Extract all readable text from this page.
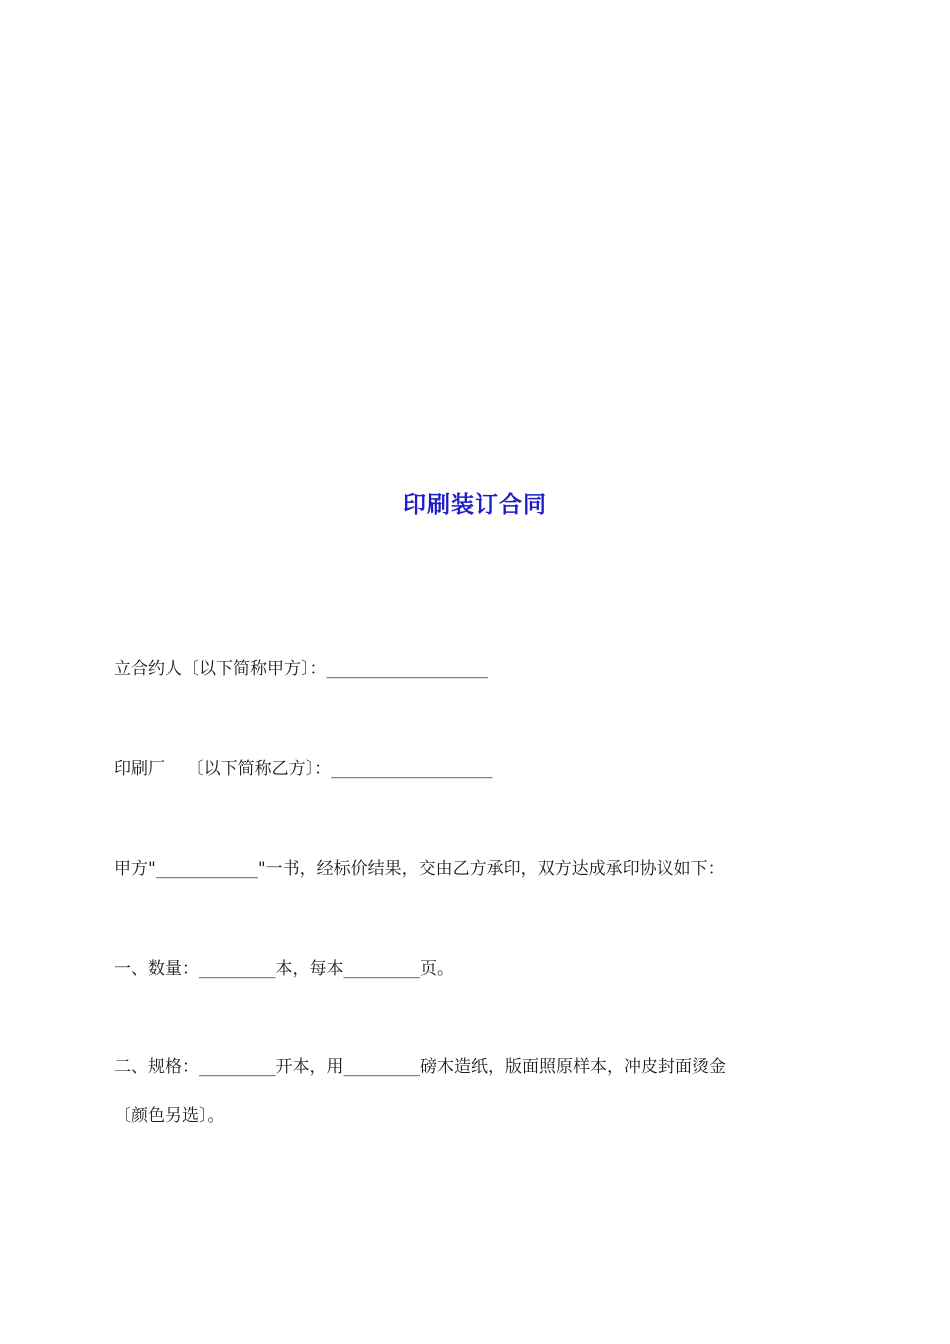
印刷装订合同
立合约人〔以下简称甲方〕：___________________
印刷厂    〔以下简称乙方〕：___________________
甲方"____________"一书，经标价结果，交由乙方承印，双方达成承印协议如下：
一、数量：_________本，每本_________页。
二、规格：_________开本，用_________磅木造纸，版面照原样本，冲皮封面烫金
〔颜色另选〕。
